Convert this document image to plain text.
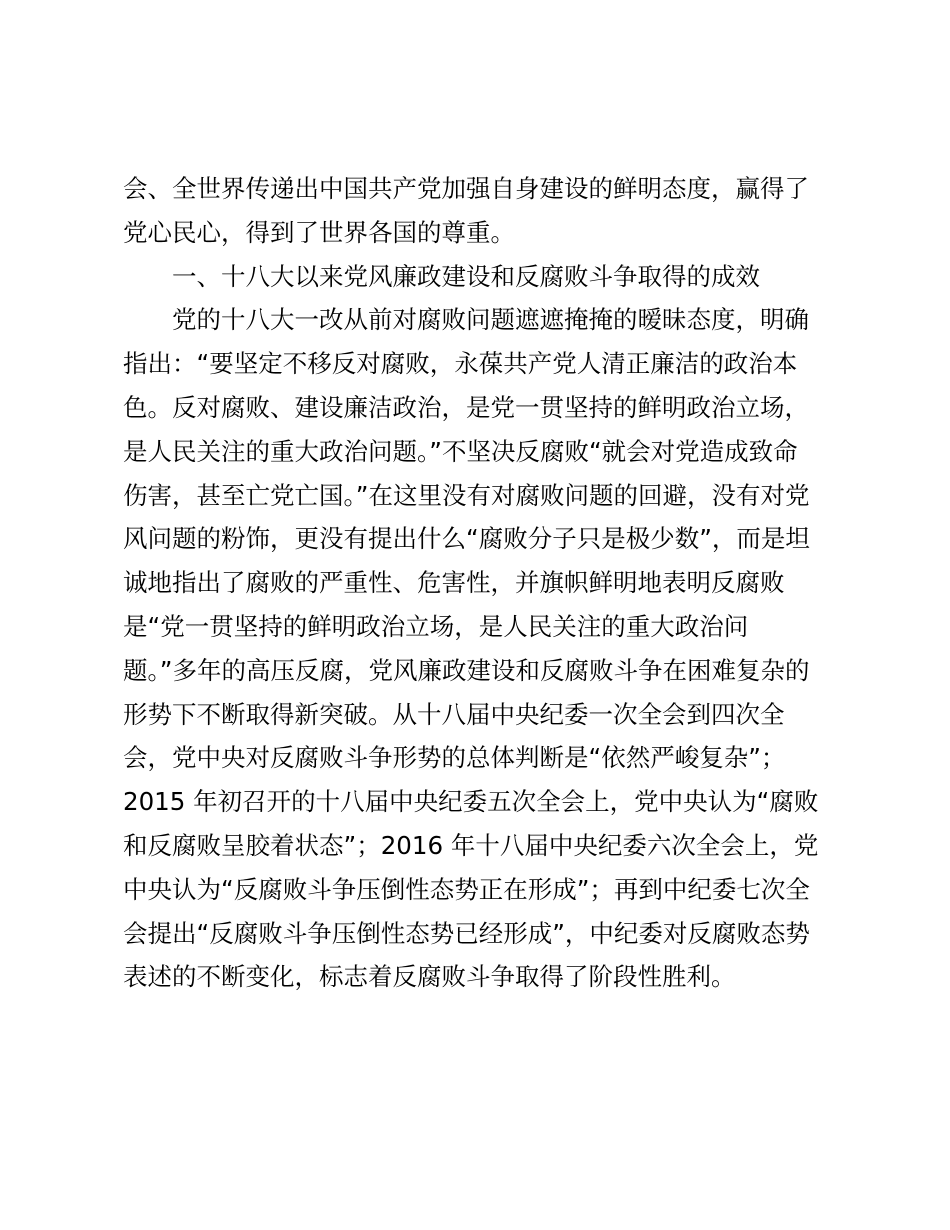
会、全世界传递出中国共产党加强自身建设的鲜明态度，赢得了
党心民心，得到了世界各国的尊重。
一、十八大以来党风廉政建设和反腐败斗争取得的成效
党的十八大一改从前对腐败问题遮遮掩掩的暧昧态度，明确
指出：“要坚定不移反对腐败，永葆共产党人清正廉洁的政治本
色。反对腐败、建设廉洁政治，是党一贯坚持的鲜明政治立场，
是人民关注的重大政治问题。”不坚决反腐败“就会对党造成致命
伤害，甚至亡党亡国。”在这里没有对腐败问题的回避，没有对党
风问题的粉饰，更没有提出什么“腐败分子只是极少数”，而是坦
诚地指出了腐败的严重性、危害性，并旗帜鲜明地表明反腐败
是“党一贯坚持的鲜明政治立场，是人民关注的重大政治问
题。”多年的高压反腐，党风廉政建设和反腐败斗争在困难复杂的
形势下不断取得新突破。从十八届中央纪委一次全会到四次全
会，党中央对反腐败斗争形势的总体判断是“依然严峻复杂”；
2015 年初召开的十八届中央纪委五次全会上，党中央认为“腐败
和反腐败呈胶着状态”；2016 年十八届中央纪委六次全会上，党
中央认为“反腐败斗争压倒性态势正在形成”；再到中纪委七次全
会提出“反腐败斗争压倒性态势已经形成”，中纪委对反腐败态势
表述的不断变化，标志着反腐败斗争取得了阶段性胜利。
